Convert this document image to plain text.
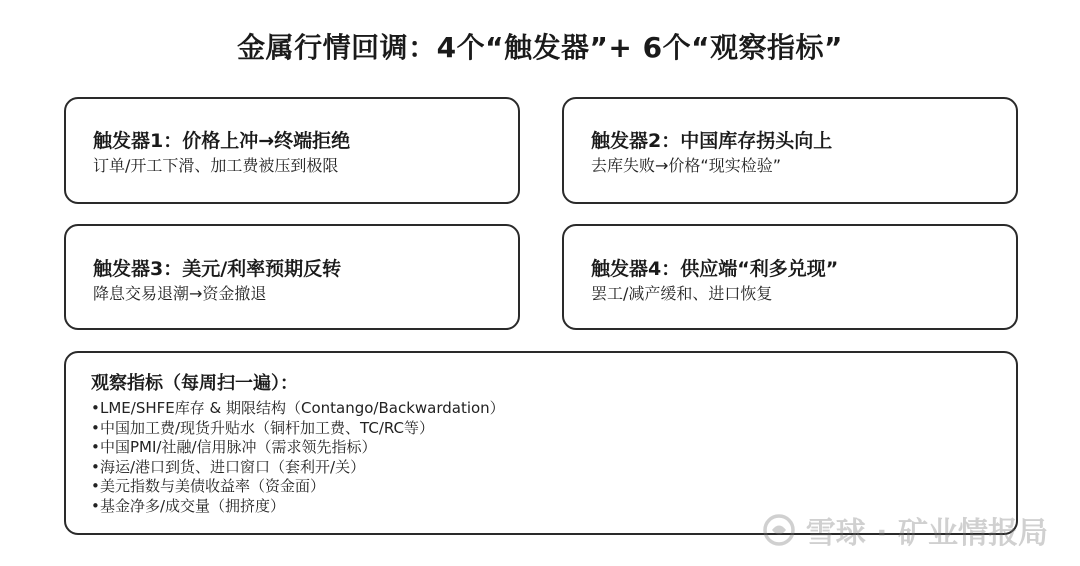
金属行情回调：4个“触发器”+ 6个“观察指标”
触发器1：价格上冲→终端拒绝
订单/开工下滑、加工费被压到极限
触发器2：中国库存拐头向上
去库失败→价格“现实检验”
触发器3：美元/利率预期反转
降息交易退潮→资金撤退
触发器4：供应端“利多兑现”
罢工/减产缓和、进口恢复
观察指标（每周扫一遍）：
•LME/SHFE库存 & 期限结构（Contango/Backwardation）
•中国加工费/现货升贴水（铜杆加工费、TC/RC等）
•中国PMI/社融/信用脉冲（需求领先指标）
•海运/港口到货、进口窗口（套利开/关）
•美元指数与美债收益率（资金面）
•基金净多/成交量（拥挤度）
雪球 · 矿业情报局
